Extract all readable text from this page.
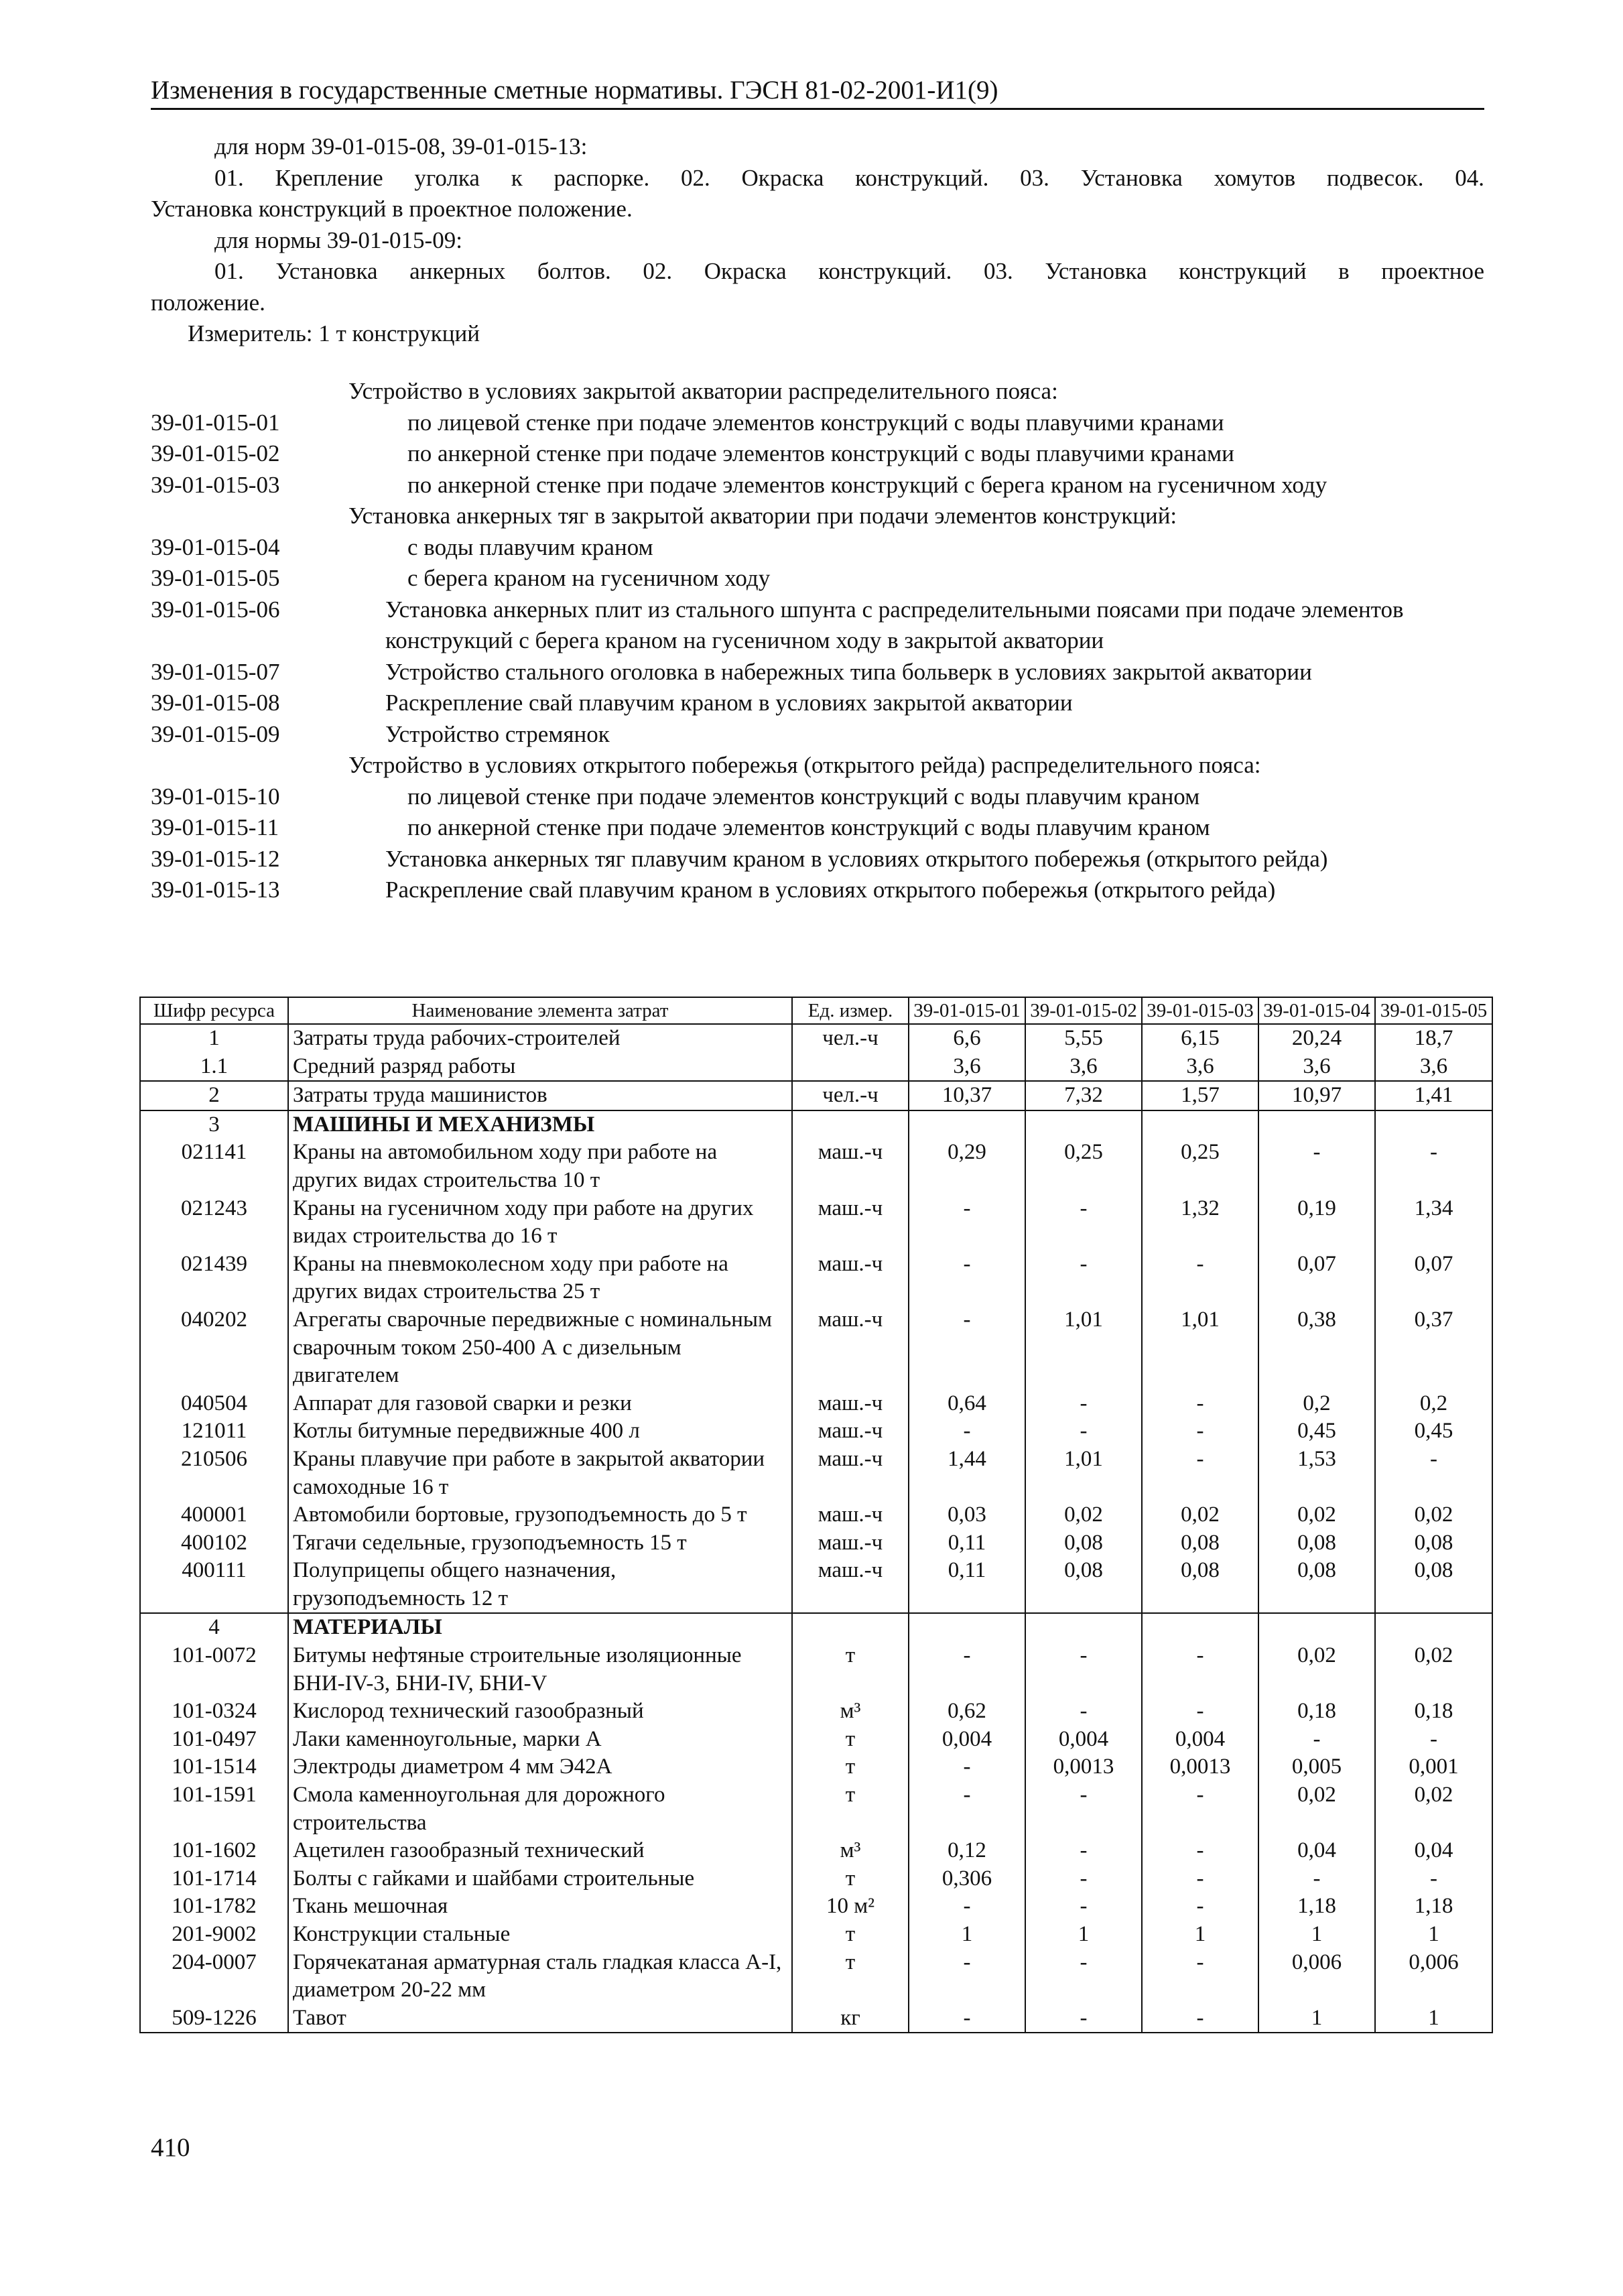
Изменения в государственные сметные нормативы. ГЭСН 81-02-2001-И1(9)

для норм 39-01-015-08, 39-01-015-13:

01. Крепление уголка к распорке. 02. Окраска конструкций. 03. Установка хомутов подвесок. 04.

Установка конструкций в проектное положение.

для нормы 39-01-015-09:

01. Установка анкерных болтов. 02. Окраска конструкций. 03. Установка конструкций в проектное

положение.

Измеритель: 1 т конструкций

Устройство в условиях закрытой акватории распределительного пояса:
39-01-015-01	по лицевой стенке при подаче элементов конструкций с воды плавучими кранами
39-01-015-02	по анкерной стенке при подаче элементов конструкций с воды плавучими кранами
39-01-015-03	по анкерной стенке при подаче элементов конструкций с берега краном на гусеничном ходу
Установка анкерных тяг в закрытой акватории при подачи элементов конструкций:
39-01-015-04	с воды плавучим краном
39-01-015-05	с берега краном на гусеничном ходу
39-01-015-06	Установка анкерных плит из стального шпунта с распределительными поясами при подаче элементов конструкций с берега краном на гусеничном ходу в закрытой акватории
39-01-015-07	Устройство стального оголовка в набережных типа больверк в условиях закрытой акватории
39-01-015-08	Раскрепление свай плавучим краном в условиях закрытой акватории
39-01-015-09	Устройство стремянок
Устройство в условиях открытого побережья (открытого рейда) распределительного пояса:
39-01-015-10	по лицевой стенке при подаче элементов конструкций с воды плавучим краном
39-01-015-11	по анкерной стенке при подаче элементов конструкций с воды плавучим краном
39-01-015-12	Установка анкерных тяг плавучим краном в условиях открытого побережья (открытого рейда)
39-01-015-13	Раскрепление свай плавучим краном в условиях открытого побережья (открытого рейда)
Шифр ресурса	Наименование элемента затрат	Ед. измер.	39-01-015-01	39-01-015-02	39-01-015-03	39-01-015-04	39-01-015-05
1	Затраты труда рабочих-строителей	чел.-ч	6,6	5,55	6,15	20,24	18,7
1.1	Средний разряд работы		3,6	3,6	3,6	3,6	3,6
2	Затраты труда машинистов	чел.-ч	10,37	7,32	1,57	10,97	1,41
3	МАШИНЫ И МЕХАНИЗМЫ						
021141	Краны на автомобильном ходу при работе на других видах строительства 10 т	маш.-ч	0,29	0,25	0,25	-	-
021243	Краны на гусеничном ходу при работе на других видах строительства до 16 т	маш.-ч	-	-	1,32	0,19	1,34
021439	Краны на пневмоколесном ходу при работе на других видах строительства 25 т	маш.-ч	-	-	-	0,07	0,07
040202	Агрегаты сварочные передвижные с номинальным сварочным током 250-400 А с дизельным двигателем	маш.-ч	-	1,01	1,01	0,38	0,37
040504	Аппарат для газовой сварки и резки	маш.-ч	0,64	-	-	0,2	0,2
121011	Котлы битумные передвижные 400 л	маш.-ч	-	-	-	0,45	0,45
210506	Краны плавучие при работе в закрытой акватории самоходные 16 т	маш.-ч	1,44	1,01	-	1,53	-
400001	Автомобили бортовые, грузоподъемность до 5 т	маш.-ч	0,03	0,02	0,02	0,02	0,02
400102	Тягачи седельные, грузоподъемность 15 т	маш.-ч	0,11	0,08	0,08	0,08	0,08
400111	Полуприцепы общего назначения, грузоподъемность 12 т	маш.-ч	0,11	0,08	0,08	0,08	0,08
4	МАТЕРИАЛЫ						
101-0072	Битумы нефтяные строительные изоляционные БНИ-IV-3, БНИ-IV, БНИ-V	т	-	-	-	0,02	0,02
101-0324	Кислород технический газообразный	м³	0,62	-	-	0,18	0,18
101-0497	Лаки каменноугольные, марки А	т	0,004	0,004	0,004	-	-
101-1514	Электроды диаметром 4 мм Э42А	т	-	0,0013	0,0013	0,005	0,001
101-1591	Смола каменноугольная для дорожного строительства	т	-	-	-	0,02	0,02
101-1602	Ацетилен газообразный технический	м³	0,12	-	-	0,04	0,04
101-1714	Болты с гайками и шайбами строительные	т	0,306	-	-	-	-
101-1782	Ткань мешочная	10 м²	-	-	-	1,18	1,18
201-9002	Конструкции стальные	т	1	1	1	1	1
204-0007	Горячекатаная арматурная сталь гладкая класса А-I, диаметром 20-22 мм	т	-	-	-	0,006	0,006
509-1226	Тавот	кг	-	-	-	1	1
410
